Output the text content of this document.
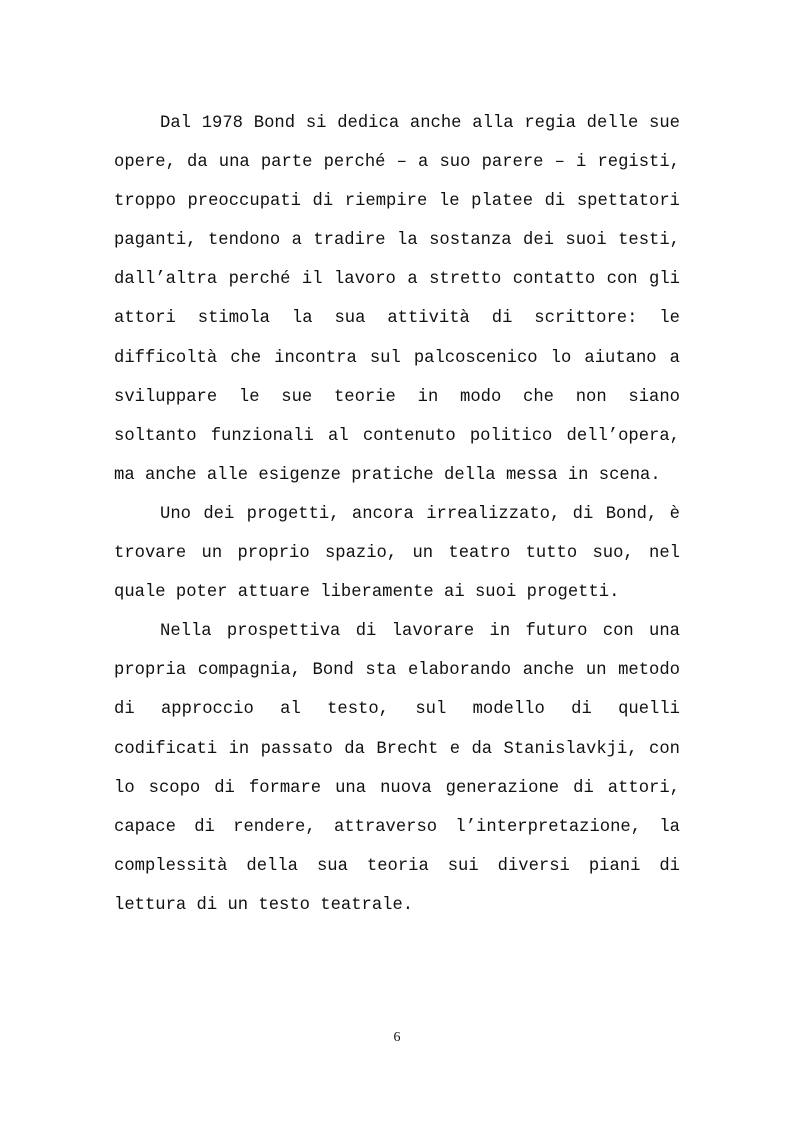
Dal 1978 Bond si dedica anche alla regia delle sue opere, da una parte perché – a suo parere – i registi, troppo preoccupati di riempire le platee di spettatori paganti, tendono a tradire la sostanza dei suoi testi, dall’altra perché il lavoro a stretto contatto con gli attori stimola la sua attività di scrittore: le difficoltà che incontra sul palcoscenico lo aiutano a sviluppare le sue teorie in modo che non siano soltanto funzionali al contenuto politico dell’opera, ma anche alle esigenze pratiche della messa in scena.

Uno dei progetti, ancora irrealizzato, di Bond, è trovare un proprio spazio, un teatro tutto suo, nel quale poter attuare liberamente ai suoi progetti.

Nella prospettiva di lavorare in futuro con una propria compagnia, Bond sta elaborando anche un metodo di approccio al testo, sul modello di quelli codificati in passato da Brecht e da Stanislavkji, con lo scopo di formare una nuova generazione di attori, capace di rendere, attraverso l’interpretazione, la complessità della sua teoria sui diversi piani di lettura di un testo teatrale.

6
